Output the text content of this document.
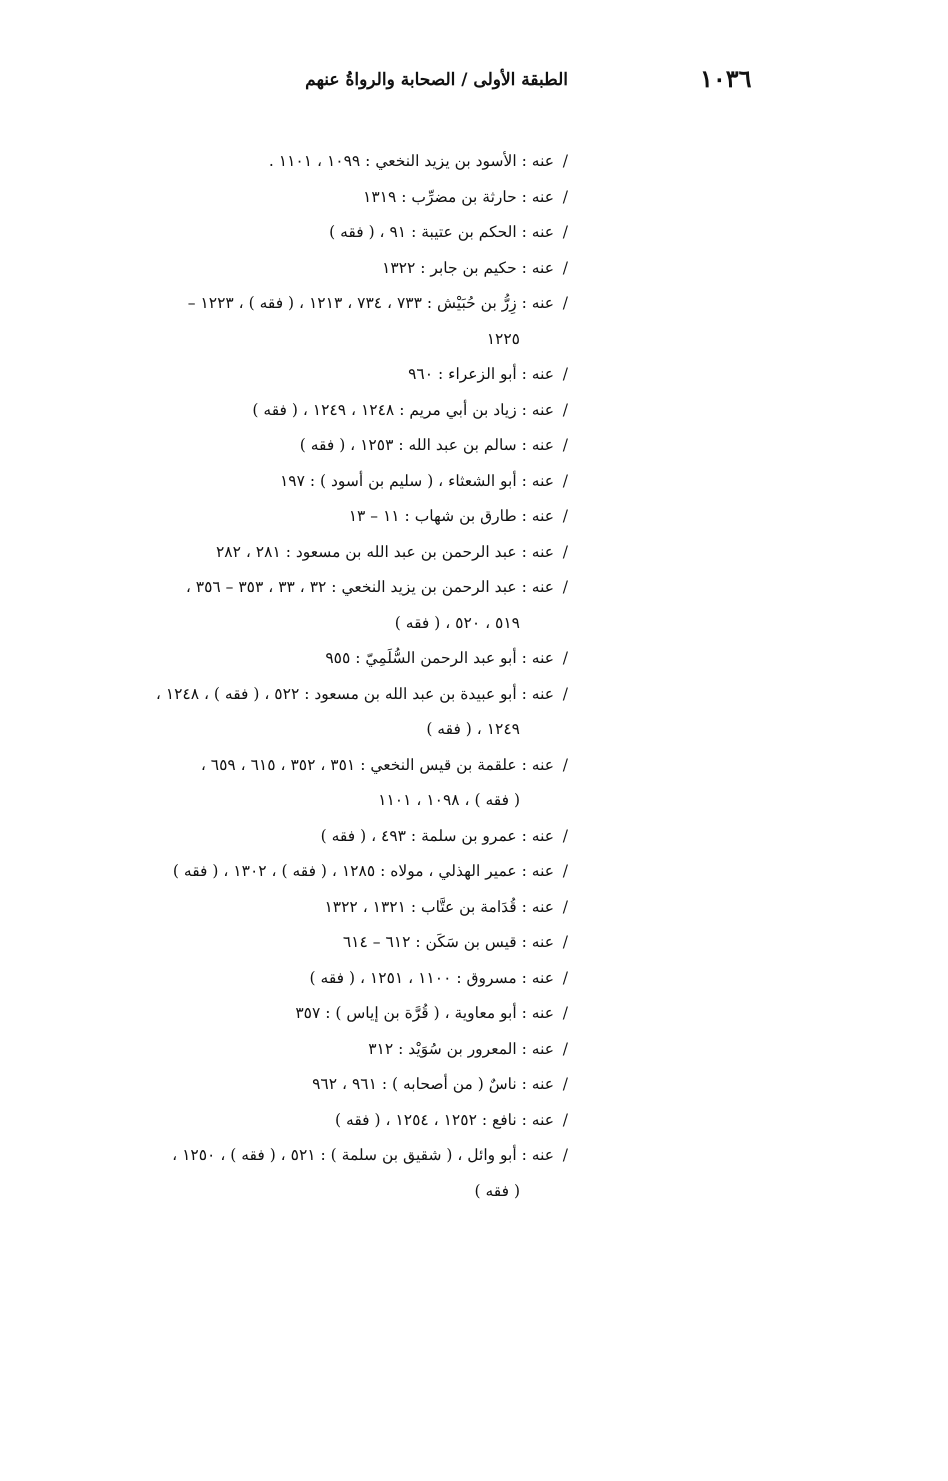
١٠٣٦
الطبقة الأولى / الصحابة والرواةُ عنهم
/
عنه : الأسود بن يزيد النخعي : ١٠٩٩ ، ١١٠١ .
/
عنه : حارثة بن مضرِّب : ١٣١٩
/
عنه : الحكم بن عتيبة : ٩١ ، ( فقه )
/
عنه : حكيم بن جابر : ١٣٢٢
/
عنه : زِرُّ بن حُبَيْش : ٧٣٣ ، ٧٣٤ ، ١٢١٣ ، ( فقه ) ، ١٢٢٣ –
١٢٢٥
/
عنه : أبو الزعراء : ٩٦٠
/
عنه : زياد بن أبي مريم : ١٢٤٨ ، ١٢٤٩ ، ( فقه )
/
عنه : سالم بن عبد الله : ١٢٥٣ ، ( فقه )
/
عنه : أبو الشعثاء ، ( سليم بن أسود ) : ١٩٧
/
عنه : طارق بن شهاب : ١١ – ١٣
/
عنه : عبد الرحمن بن عبد الله بن مسعود : ٢٨١ ، ٢٨٢
/
عنه : عبد الرحمن بن يزيد النخعي : ٣٢ ، ٣٣ ، ٣٥٣ – ٣٥٦ ،
٥١٩ ، ٥٢٠ ، ( فقه )
/
عنه : أبو عبد الرحمن السُّلَمِيّ : ٩٥٥
/
عنه : أبو عبيدة بن عبد الله بن مسعود : ٥٢٢ ، ( فقه ) ، ١٢٤٨ ،
١٢٤٩ ، ( فقه )
/
عنه : علقمة بن قيس النخعي : ٣٥١ ، ٣٥٢ ، ٦١٥ ، ٦٥٩ ،
( فقه ) ، ١٠٩٨ ، ١١٠١
/
عنه : عمرو بن سلمة : ٤٩٣ ، ( فقه )
/
عنه : عمير الهذلي ، مولاه : ١٢٨٥ ، ( فقه ) ، ١٣٠٢ ، ( فقه )
/
عنه : قُدَامة بن عتَّاب : ١٣٢١ ، ١٣٢٢
/
عنه : قيس بن سَكَن : ٦١٢ – ٦١٤
/
عنه : مسروق : ١١٠٠ ، ١٢٥١ ، ( فقه )
/
عنه : أبو معاوية ، ( قُرَّة بن إياس ) : ٣٥٧
/
عنه : المعرور بن سُوَيْد : ٣١٢
/
عنه : ناسٌ ( من أصحابه ) : ٩٦١ ، ٩٦٢
/
عنه : نافع : ١٢٥٢ ، ١٢٥٤ ، ( فقه )
/
عنه : أبو وائل ، ( شقيق بن سلمة ) : ٥٢١ ، ( فقه ) ، ١٢٥٠ ،
( فقه )
